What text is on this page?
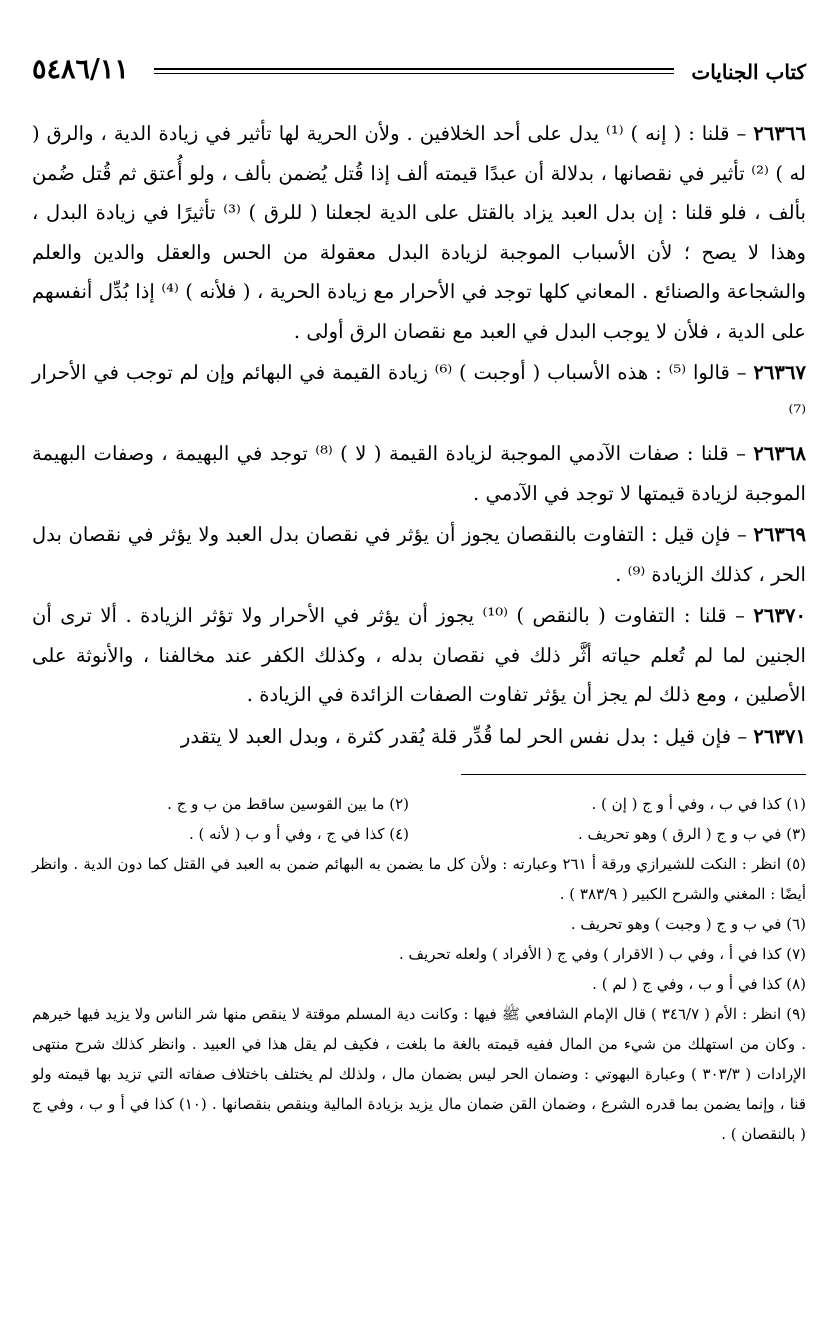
٥٤٨٦/١١	كتاب الجنايات

٢٦٣٦٦ – قلنا : ( إنه ) ⁽¹⁾ يدل على أحد الخلافين . ولأن الحرية لها تأثير في زيادة الدية ، والرق ( له ) ⁽²⁾ تأثير في نقصانها ، بدلالة أن عبدًا قيمته ألف إذا قُتل يُضمن بألف ، ولو أُعتق ثم قُتل ضُمن بألف ، فلو قلنا : إن بدل العبد يزاد بالقتل على الدية لجعلنا ( للرق ) ⁽³⁾ تأثيرًا في زيادة البدل ، وهذا لا يصح ؛ لأن الأسباب الموجبة لزيادة البدل معقولة من الحس والعقل والدين والعلم والشجاعة والصنائع . المعاني كلها توجد في الأحرار مع زيادة الحرية ، ( فلأنه ) ⁽⁴⁾ إذا بُدِّل أنفسهم على الدية ، فلأن لا يوجب البدل في العبد مع نقصان الرق أولى .

٢٦٣٦٧ – قالوا ⁽⁵⁾ : هذه الأسباب ( أوجبت ) ⁽⁶⁾ زيادة القيمة في البهائم وإن لم توجب في الأحرار ⁽⁷⁾

٢٦٣٦٨ – قلنا : صفات الآدمي الموجبة لزيادة القيمة ( لا ) ⁽⁸⁾ توجد في البهيمة ، وصفات البهيمة الموجبة لزيادة قيمتها لا توجد في الآدمي .

٢٦٣٦٩ – فإن قيل : التفاوت بالنقصان يجوز أن يؤثر في نقصان بدل العبد ولا يؤثر في نقصان بدل الحر ، كذلك الزيادة ⁽⁹⁾ .

٢٦٣٧٠ – قلنا : التفاوت ( بالنقص ) ⁽¹⁰⁾ يجوز أن يؤثر في الأحرار ولا تؤثر الزيادة . ألا ترى أن الجنين لما لم تُعلم حياته أثَّر ذلك في نقصان بدله ، وكذلك الكفر عند مخالفنا ، والأنوثة على الأصلين ، ومع ذلك لم يجز أن يؤثر تفاوت الصفات الزائدة في الزيادة .

٢٦٣٧١ – فإن قيل : بدل نفس الحر لما قُدِّر قلة يُقدر كثرة ، وبدل العبد لا يتقدر

(١) كذا في ب ، وفي أ و ج ( إن ) .
(٢) ما بين القوسين ساقط من ب و ج .
(٣) في ب و ج ( الرق ) وهو تحريف .
(٤) كذا في ج ، وفي أ و ب ( لأنه ) .
(٥) انظر : النكت للشيرازي ورقة أ ٢٦١ وعبارته : ولأن كل ما يضمن به البهائم ضمن به العبد في القتل كما دون الدية . وانظر أيضًا : المغني والشرح الكبير ( ٣٨٣/٩ ) .
(٦) في ب و ج ( وجبت ) وهو تحريف .
(٧) كذا في أ ، وفي ب ( الاقرار ) وفي ج ( الأفراد ) ولعله تحريف .
(٨) كذا في أ و ب ، وفي ج ( لم ) .
(٩) انظر : الأم ( ٣٤٦/٧ ) قال الإمام الشافعي ﷺ فيها : وكانت دية المسلم موقتة لا ينقص منها شر الناس ولا يزيد فيها خيرهم . وكان من استهلك من شيء من المال ففيه قيمته بالغة ما بلغت ، فكيف لم يقل هذا في العبيد . وانظر كذلك شرح منتهى الإرادات ( ٣٠٣/٣ ) وعبارة البهوتي : وضمان الحر ليس بضمان مال ، ولذلك لم يختلف باختلاف صفاته التي تزيد بها قيمته ولو قنا ، وإنما يضمن بما قدره الشرع ، وضمان القن ضمان مال يزيد بزيادة المالية وينقص بنقصانها . (١٠) كذا في أ و ب ، وفي ج ( بالنقصان ) .
